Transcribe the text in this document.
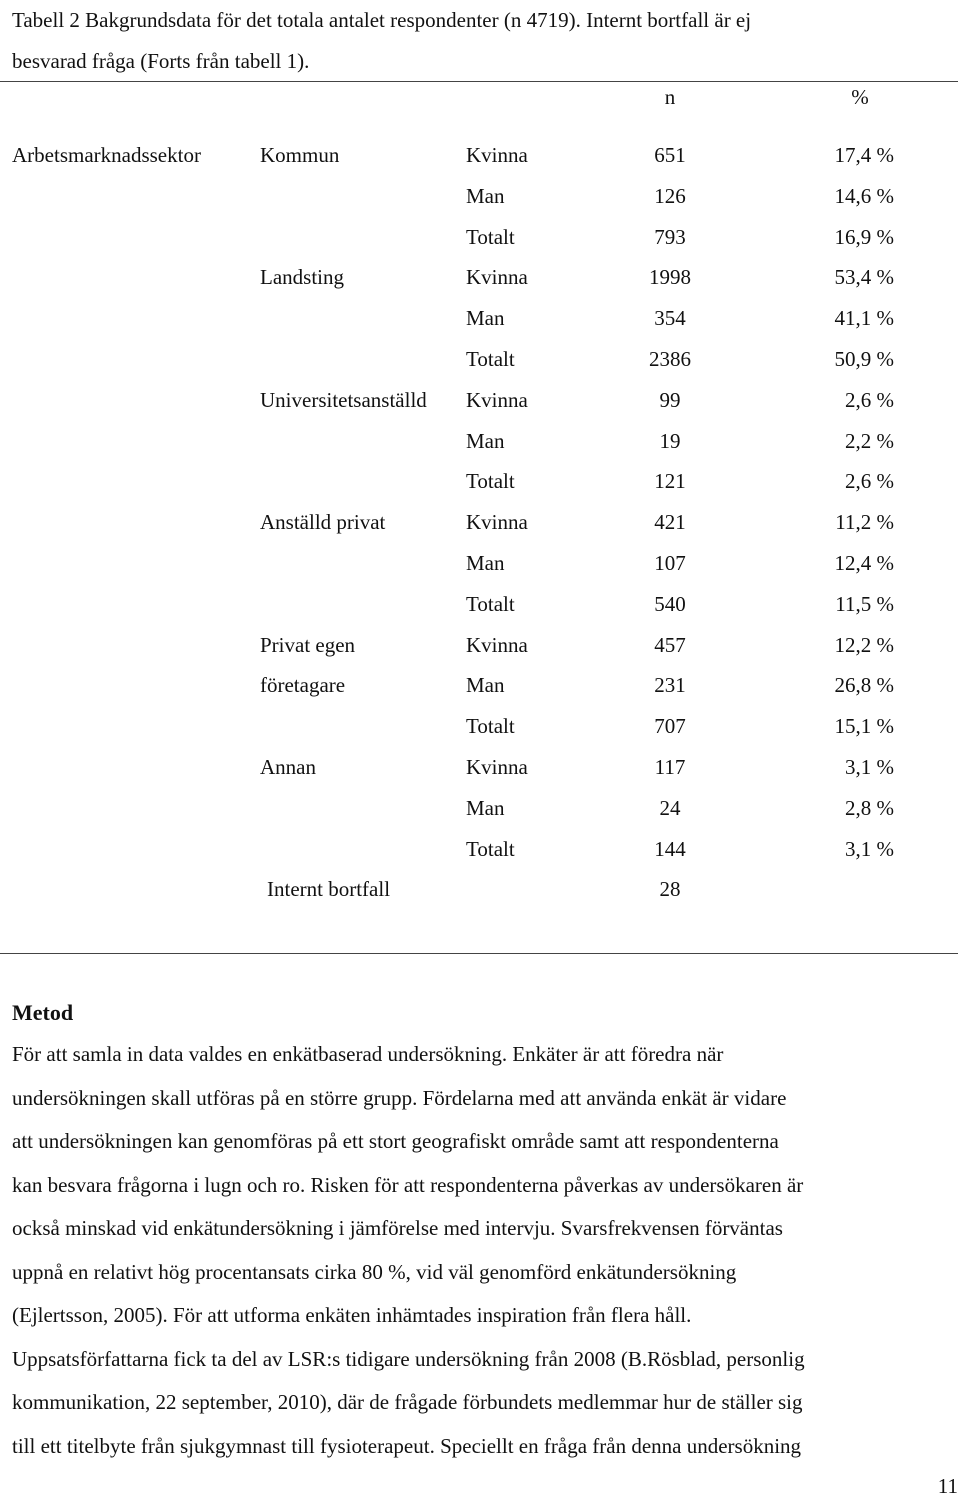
Tabell 2 Bakgrundsdata för det totala antalet respondenter (n 4719). Internt bortfall är ej
besvarad fråga (Forts från tabell 1).
n	%
Arbetsmarknadssektor	Kommun	Kvinna	651	17,4 %
Man	126	14,6 %
Totalt	793	16,9 %
Landsting	Kvinna	1998	53,4 %
Man	354	41,1 %
Totalt	2386	50,9 %
Universitetsanställd Kvinna	99	2,6 %
Man	19	2,2 %
Totalt	121	2,6 %
Anställd privat	Kvinna	421	11,2 %
Man	107	12,4 %
Totalt	540	11,5 %
Privat egen
företagare
Kvinna	457	12,2 %
Man	231	26,8 %
Totalt	707	15,1 %
Annan	Kvinna	117	3,1 %
Man	24	2,8 %
Totalt	144	3,1 %
Internt bortfall	28
Metod
För att samla in data valdes en enkätbaserad undersökning. Enkäter är att föredra när
undersökningen skall utföras på en större grupp. Fördelarna med att använda enkät är vidare
att undersökningen kan genomföras på ett stort geografiskt område samt att respondenterna
kan besvara frågorna i lugn och ro. Risken för att respondenterna påverkas av undersökaren är
också minskad vid enkätundersökning i jämförelse med intervju. Svarsfrekvensen förväntas
uppnå en relativt hög procentansats cirka 80 %, vid väl genomförd enkätundersökning
(Ejlertsson, 2005). För att utforma enkäten inhämtades inspiration från flera håll.
Uppsatsförfattarna fick ta del av LSR:s tidigare undersökning från 2008 (B.Rösblad, personlig
kommunikation, 22 september, 2010), där de frågade förbundets medlemmar hur de ställer sig
till ett titelbyte från sjukgymnast till fysioterapeut. Speciellt en fråga från denna undersökning
11
